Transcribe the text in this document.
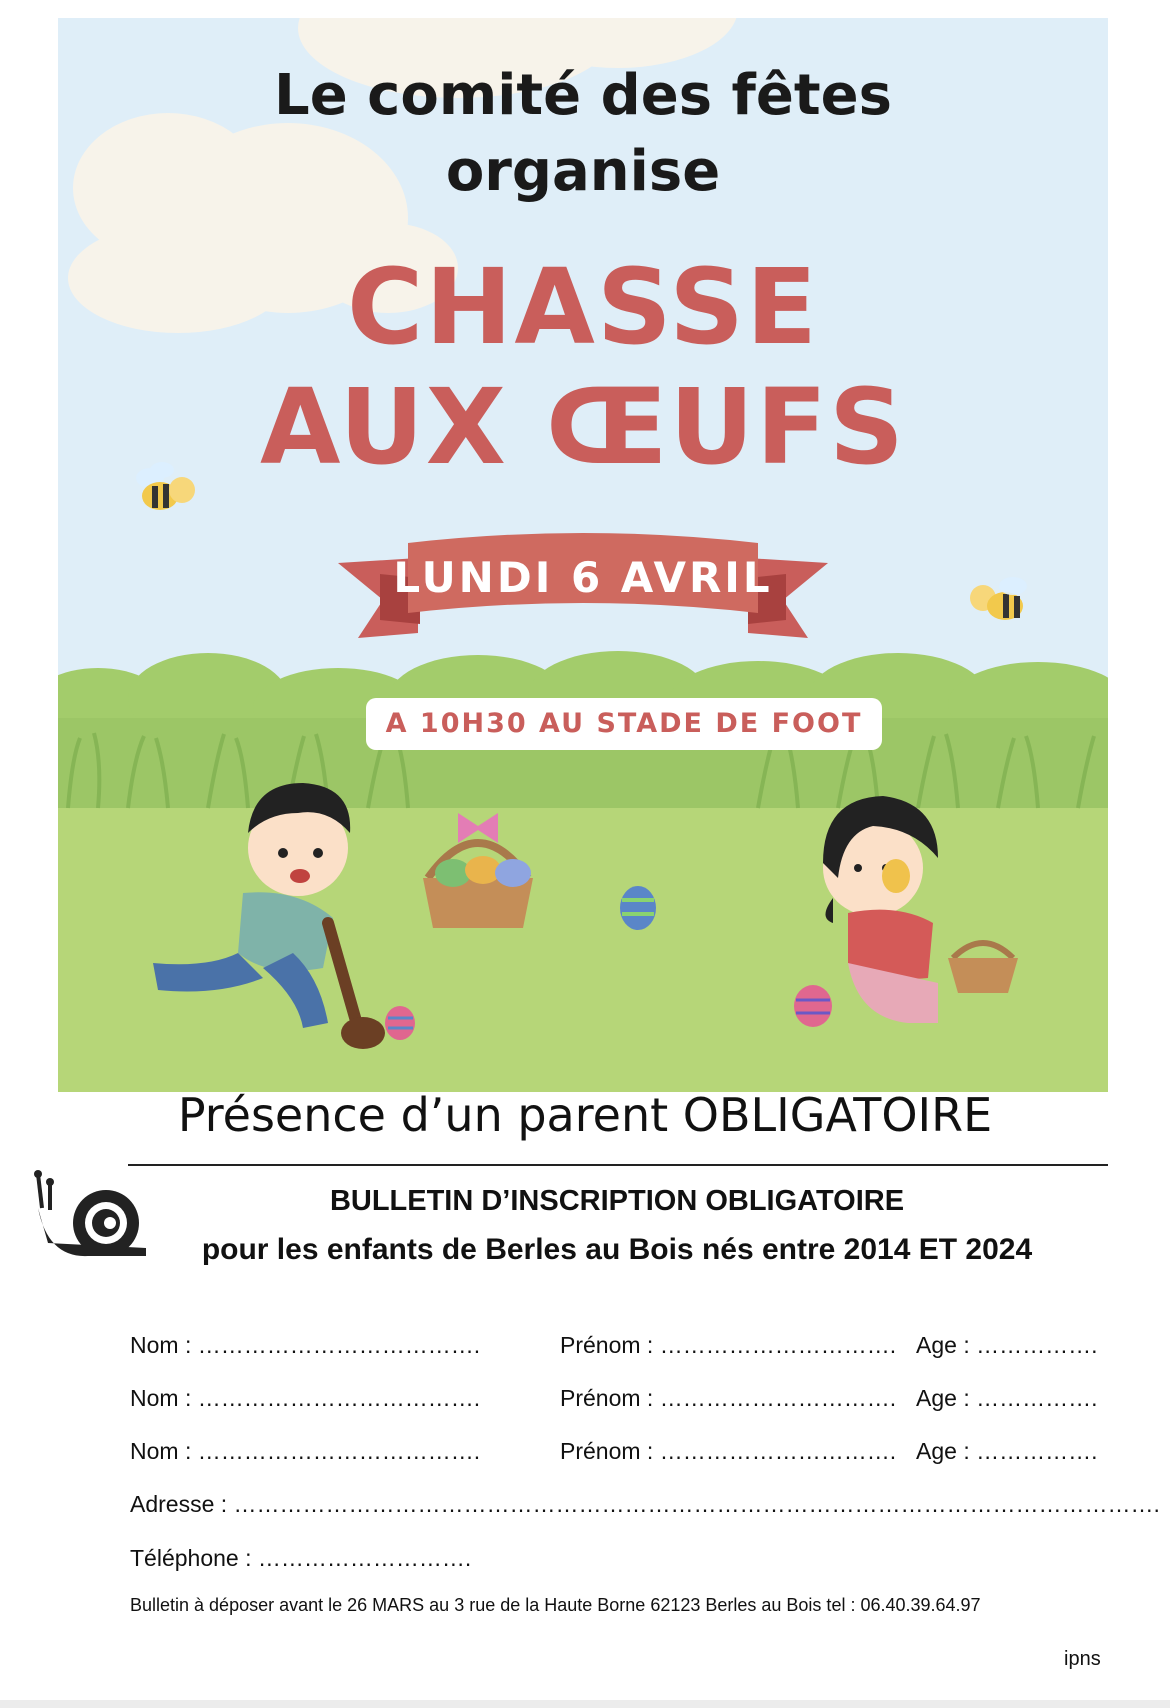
Le comité des fêtes
organise
CHASSE
AUX ŒUFS
LUNDI 6 AVRIL
A 10H30 AU STADE DE FOOT
Présence d’un parent OBLIGATOIRE
BULLETIN D’INSCRIPTION OBLIGATOIRE
pour les enfants de Berles au Bois nés entre 2014 ET 2024
Nom : ……………………………….	Prénom : …………………………. Age : …………….
Nom : ……………………………….	Prénom : …………………………. Age : …………….
Nom : ……………………………….	Prénom : …………………………. Age : …………….
Adresse : ………………………………………………………………………………………………………….
Téléphone : ……………………….
Bulletin à déposer avant le 26 MARS au 3 rue de la Haute Borne 62123 Berles au Bois tel : 06.40.39.64.97
ipns
